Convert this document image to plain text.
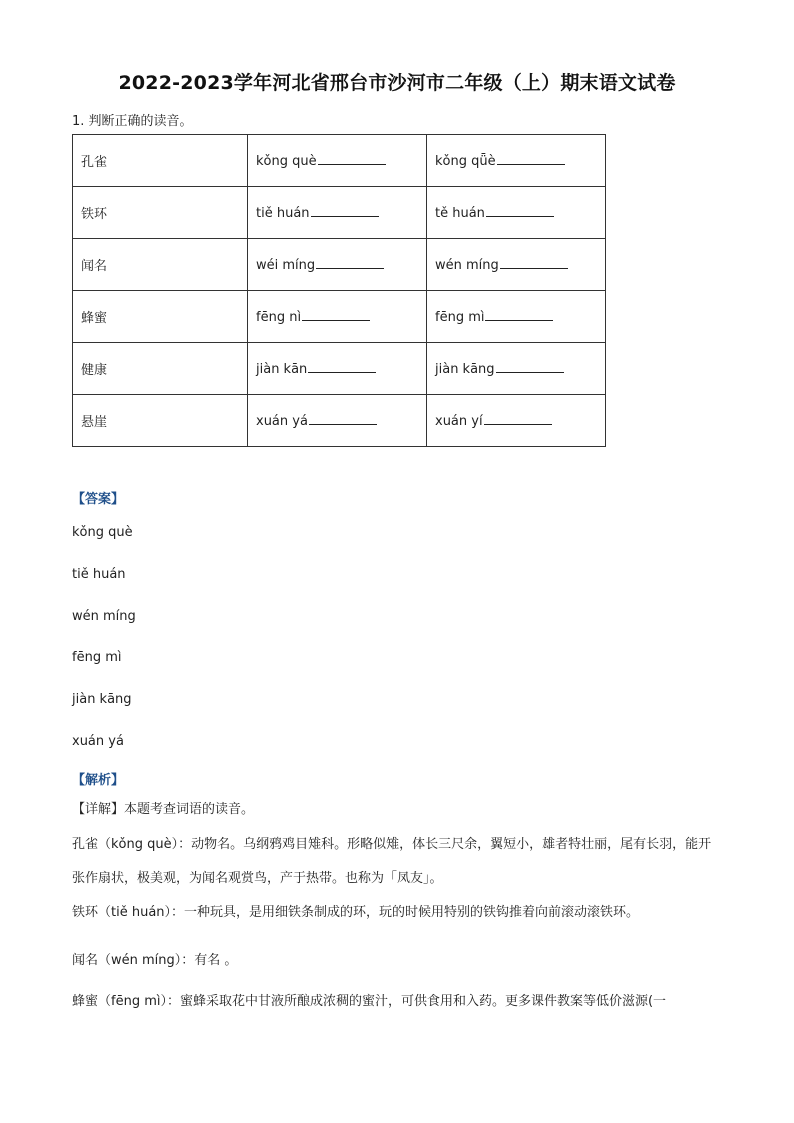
2022-2023学年河北省邢台市沙河市二年级（上）期末语文试卷
1. 判断正确的读音。
孔雀	kǒng què	kǒng qǖè
铁环	tiě huán	tě huán
闻名	wéi míng	wén míng
蜂蜜	fēng nì	fēng mì
健康	jiàn kān	jiàn kāng
悬崖	xuán yá	xuán yí
【答案】
kǒng què
tiě huán
wén míng
fēng mì
jiàn kāng
xuán yá
【解析】
【详解】本题考查词语的读音。
孔雀（kǒng què）：动物名。乌纲鸦鸡目雉科。形略似雉，体长三尺余，翼短小，雄者特壮丽，尾有长羽，能开张作扇状，极美观，为闻名观赏鸟，产于热带。也称为「凤友」。
铁环（tiě huán）：一种玩具，是用细铁条制成的环，玩的时候用特别的铁钩推着向前滚动滚铁环。
闻名（wén míng）：有名 。
蜂蜜（fēng mì）：蜜蜂采取花中甘液所酿成浓稠的蜜汁，可供食用和入药。更多课件教案等低价滋源(一
